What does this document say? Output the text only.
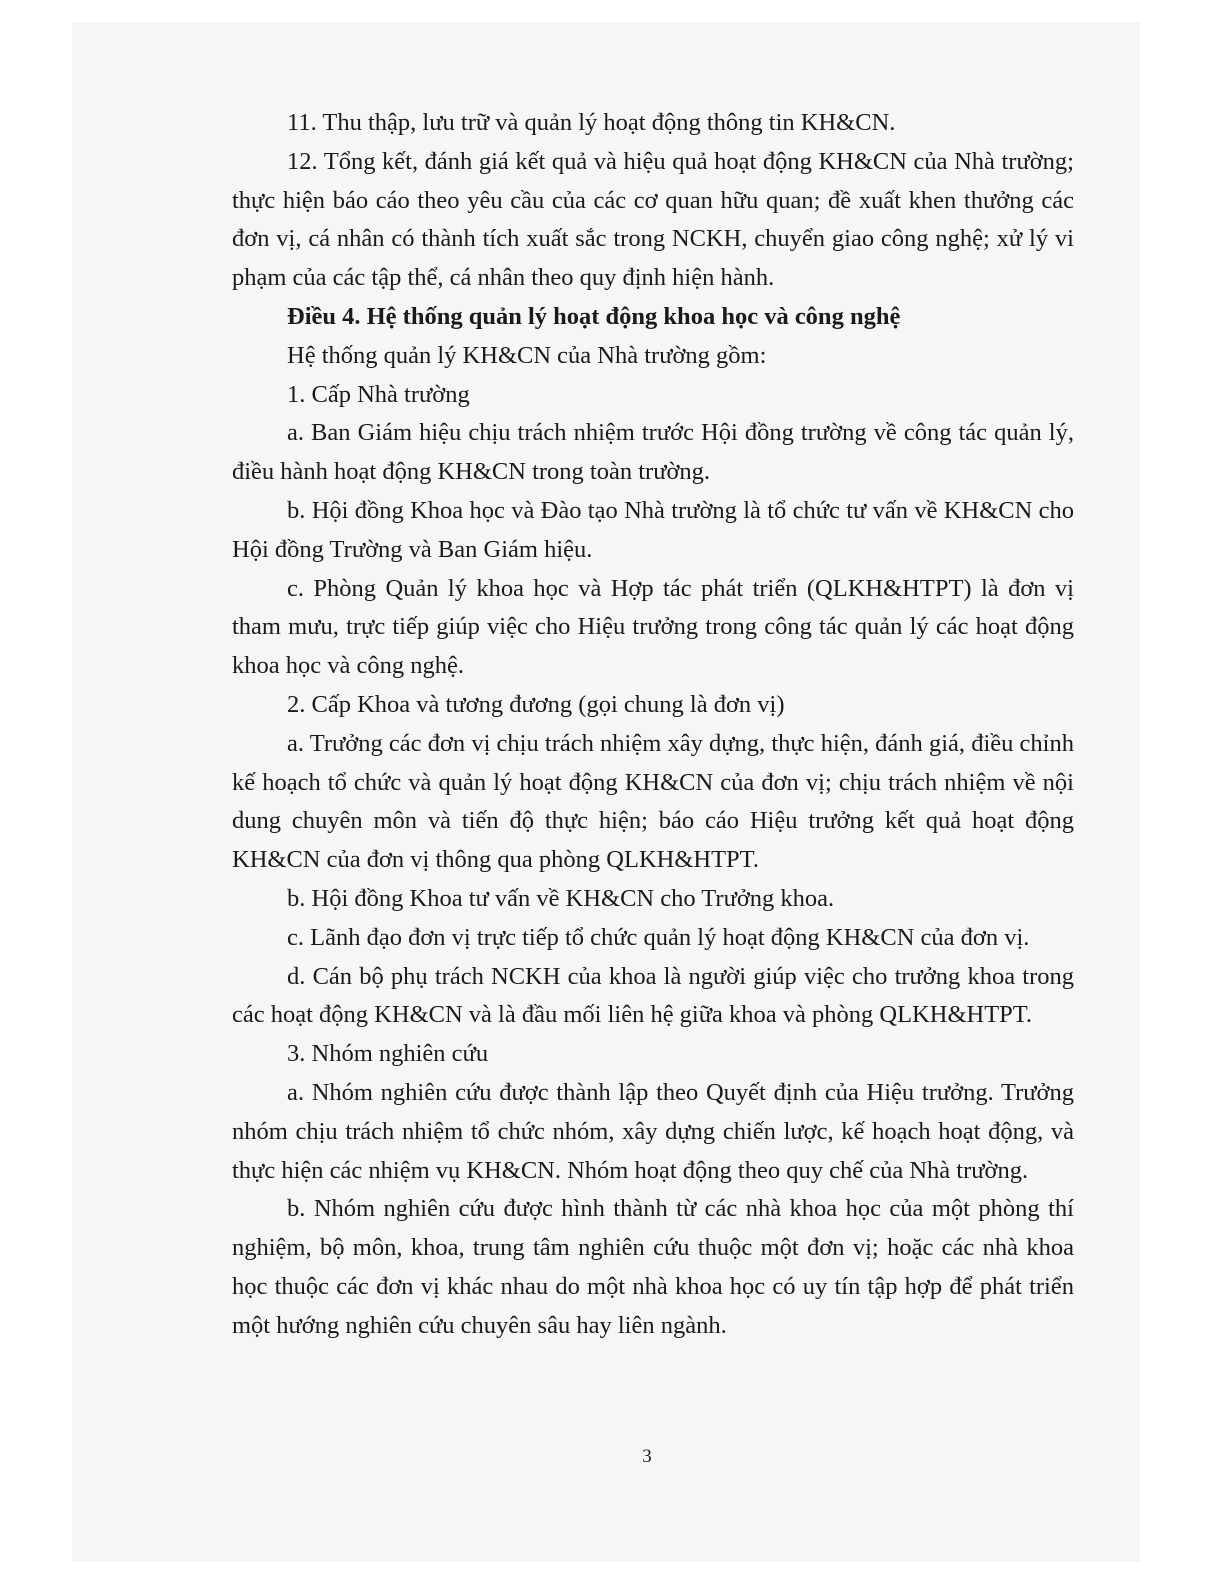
11. Thu thập, lưu trữ và quản lý hoạt động thông tin KH&CN.

12. Tổng kết, đánh giá kết quả và hiệu quả hoạt động KH&CN của Nhà trường; thực hiện báo cáo theo yêu cầu của các cơ quan hữu quan; đề xuất khen thưởng các đơn vị, cá nhân có thành tích xuất sắc trong NCKH, chuyển giao công nghệ; xử lý vi phạm của các tập thể, cá nhân theo quy định hiện hành.

Điều 4. Hệ thống quản lý hoạt động khoa học và công nghệ

Hệ thống quản lý KH&CN của Nhà trường gồm:

1. Cấp Nhà trường

a. Ban Giám hiệu chịu trách nhiệm trước Hội đồng trường về công tác quản lý, điều hành hoạt động KH&CN trong toàn trường.

b. Hội đồng Khoa học và Đào tạo Nhà trường là tổ chức tư vấn về KH&CN cho Hội đồng Trường và Ban Giám hiệu.

c. Phòng Quản lý khoa học và Hợp tác phát triển (QLKH&HTPT) là đơn vị tham mưu, trực tiếp giúp việc cho Hiệu trưởng trong công tác quản lý các hoạt động khoa học và công nghệ.

2. Cấp Khoa và tương đương (gọi chung là đơn vị)

a. Trưởng các đơn vị chịu trách nhiệm xây dựng, thực hiện, đánh giá, điều chỉnh kế hoạch tổ chức và quản lý hoạt động KH&CN của đơn vị; chịu trách nhiệm về nội dung chuyên môn và tiến độ thực hiện; báo cáo Hiệu trưởng kết quả hoạt động KH&CN của đơn vị thông qua phòng QLKH&HTPT.

b. Hội đồng Khoa tư vấn về KH&CN cho Trưởng khoa.

c. Lãnh đạo đơn vị trực tiếp tổ chức quản lý hoạt động KH&CN của đơn vị.

d. Cán bộ phụ trách NCKH của khoa là người giúp việc cho trưởng khoa trong các hoạt động KH&CN và là đầu mối liên hệ giữa khoa và phòng QLKH&HTPT.

3. Nhóm nghiên cứu

a. Nhóm nghiên cứu được thành lập theo Quyết định của Hiệu trưởng. Trưởng nhóm chịu trách nhiệm tổ chức nhóm, xây dựng chiến lược, kế hoạch hoạt động, và thực hiện các nhiệm vụ KH&CN. Nhóm hoạt động theo quy chế của Nhà trường.

b. Nhóm nghiên cứu được hình thành từ các nhà khoa học của một phòng thí nghiệm, bộ môn, khoa, trung tâm nghiên cứu thuộc một đơn vị; hoặc các nhà khoa học thuộc các đơn vị khác nhau do một nhà khoa học có uy tín tập hợp để phát triển một hướng nghiên cứu chuyên sâu hay liên ngành.

3
